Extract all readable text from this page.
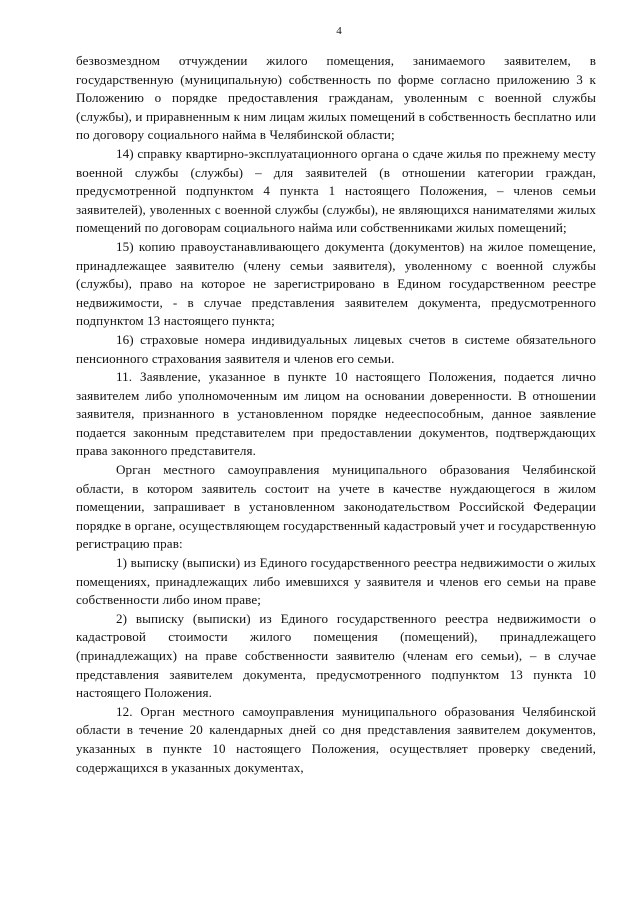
4

безвозмездном отчуждении жилого помещения, занимаемого заявителем, в государственную (муниципальную) собственность по форме согласно приложению 3 к Положению о порядке предоставления гражданам, уволенным с военной службы (службы), и приравненным к ним лицам жилых помещений в собственность бесплатно или по договору социального найма в Челябинской области;

14) справку квартирно-эксплуатационного органа о сдаче жилья по прежнему месту военной службы (службы) – для заявителей (в отношении категории граждан, предусмотренной подпунктом 4 пункта 1 настоящего Положения, – членов семьи заявителей), уволенных с военной службы (службы), не являющихся нанимателями жилых помещений по договорам социального найма или собственниками жилых помещений;

15) копию правоустанавливающего документа (документов) на жилое помещение, принадлежащее заявителю (члену семьи заявителя), уволенному с военной службы (службы), право на которое не зарегистрировано в Едином государственном реестре недвижимости, - в случае представления заявителем документа, предусмотренного подпунктом 13 настоящего пункта;

16) страховые номера индивидуальных лицевых счетов в системе обязательного пенсионного страхования заявителя и членов его семьи.

11. Заявление, указанное в пункте 10 настоящего Положения, подается лично заявителем либо уполномоченным им лицом на основании доверенности. В отношении заявителя, признанного в установленном порядке недееспособным, данное заявление подается законным представителем при предоставлении документов, подтверждающих права законного представителя.

Орган местного самоуправления муниципального образования Челябинской области, в котором заявитель состоит на учете в качестве нуждающегося в жилом помещении, запрашивает в установленном законодательством Российской Федерации порядке в органе, осуществляющем государственный кадастровый учет и государственную регистрацию прав:

1) выписку (выписки) из Единого государственного реестра недвижимости о жилых помещениях, принадлежащих либо имевшихся у заявителя и членов его семьи на праве собственности либо ином праве;

2) выписку (выписки) из Единого государственного реестра недвижимости о кадастровой стоимости жилого помещения (помещений), принадлежащего (принадлежащих) на праве собственности заявителю (членам его семьи), – в случае представления заявителем документа, предусмотренного подпунктом 13 пункта 10 настоящего Положения.

12. Орган местного самоуправления муниципального образования Челябинской области в течение 20 календарных дней со дня представления заявителем документов, указанных в пункте 10 настоящего Положения, осуществляет проверку сведений, содержащихся в указанных документах,
